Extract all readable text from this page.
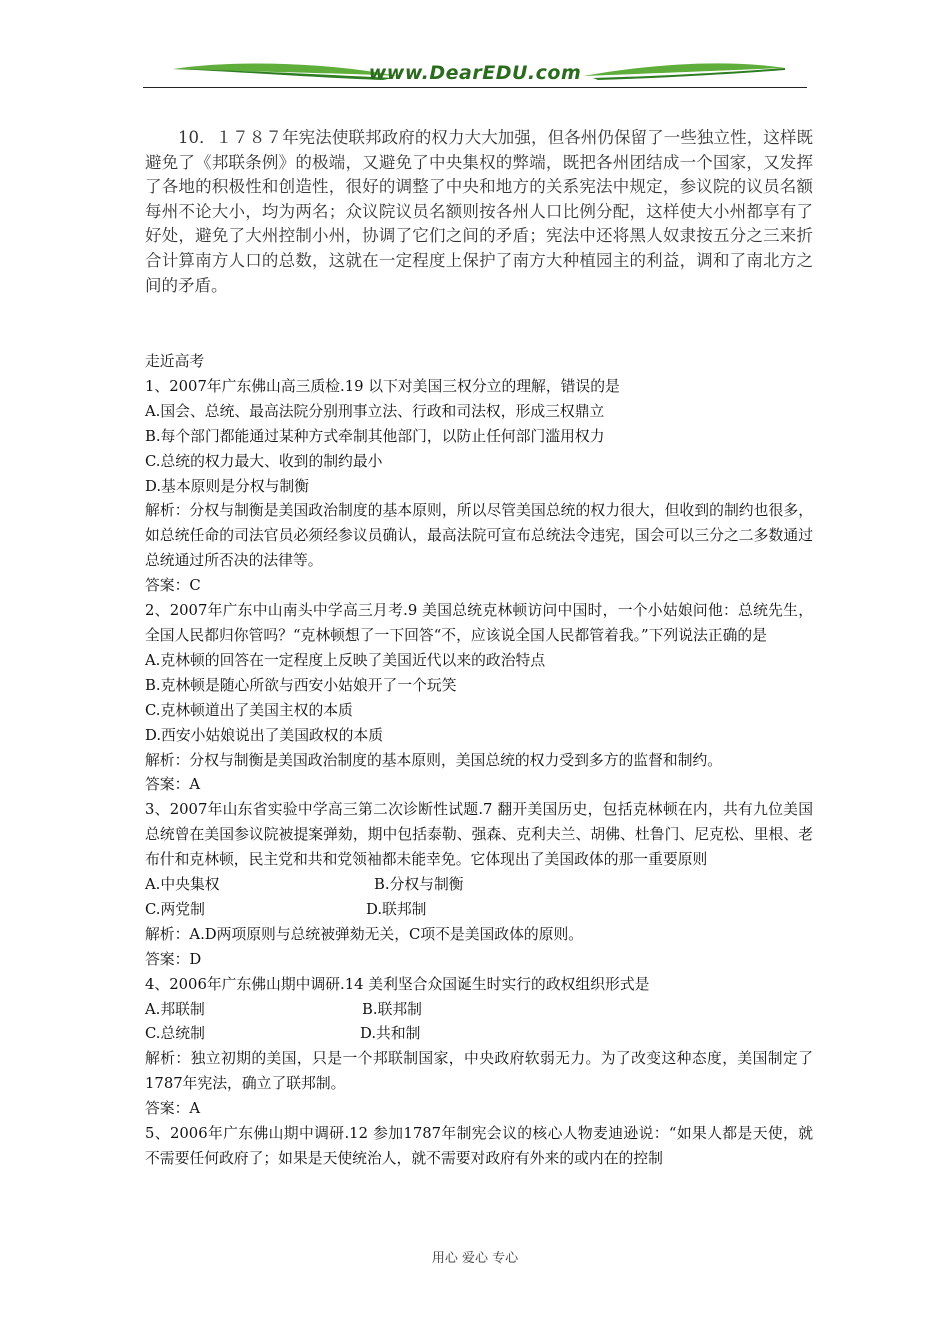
www.DearEDU.com

10．１７８７年宪法使联邦政府的权力大大加强，但各州仍保留了一些独立性，这样既避免了《邦联条例》的极端，又避免了中央集权的弊端，既把各州团结成一个国家，又发挥了各地的积极性和创造性，很好的调整了中央和地方的关系宪法中规定，参议院的议员名额每州不论大小，均为两名；众议院议员名额则按各州人口比例分配，这样使大小州都享有了好处，避免了大州控制小州，协调了它们之间的矛盾；宪法中还将黑人奴隶按五分之三来折合计算南方人口的总数，这就在一定程度上保护了南方大种植园主的利益，调和了南北方之间的矛盾。

走近高考

1、2007年广东佛山高三质检.19 以下对美国三权分立的理解，错误的是

A.国会、总统、最高法院分别刑事立法、行政和司法权，形成三权鼎立

B.每个部门都能通过某种方式牵制其他部门，以防止任何部门滥用权力

C.总统的权力最大、收到的制约最小

D.基本原则是分权与制衡

解析：分权与制衡是美国政治制度的基本原则，所以尽管美国总统的权力很大，但收到的制约也很多，如总统任命的司法官员必须经参议员确认，最高法院可宣布总统法令违宪，国会可以三分之二多数通过总统通过所否决的法律等。

答案：C

2、2007年广东中山南头中学高三月考.9 美国总统克林顿访问中国时，一个小姑娘问他：总统先生，全国人民都归你管吗？“克林顿想了一下回答“不，应该说全国人民都管着我。”下列说法正确的是

A.克林顿的回答在一定程度上反映了美国近代以来的政治特点

B.克林顿是随心所欲与西安小姑娘开了一个玩笑

C.克林顿道出了美国主权的本质

D.西安小姑娘说出了美国政权的本质

解析：分权与制衡是美国政治制度的基本原则，美国总统的权力受到多方的监督和制约。

答案：A

3、2007年山东省实验中学高三第二次诊断性试题.7 翻开美国历史，包括克林顿在内，共有九位美国总统曾在美国参议院被提案弹劾，期中包括泰勒、强森、克利夫兰、胡佛、杜鲁门、尼克松、里根、老布什和克林顿，民主党和共和党领袖都未能幸免。它体现出了美国政体的那一重要原则

A.中央集权	B.分权与制衡
C.两党制	D.联邦制

解析：A.D两项原则与总统被弹劾无关，C项不是美国政体的原则。

答案：D

4、2006年广东佛山期中调研.14 美利坚合众国诞生时实行的政权组织形式是

A.邦联制	B.联邦制
C.总统制	D.共和制

解析：独立初期的美国，只是一个邦联制国家，中央政府软弱无力。为了改变这种态度，美国制定了1787年宪法，确立了联邦制。

答案：A

5、2006年广东佛山期中调研.12 参加1787年制宪会议的核心人物麦迪逊说：“如果人都是天使，就不需要任何政府了；如果是天使统治人，就不需要对政府有外来的或内在的控制

用心 爱心 专心
